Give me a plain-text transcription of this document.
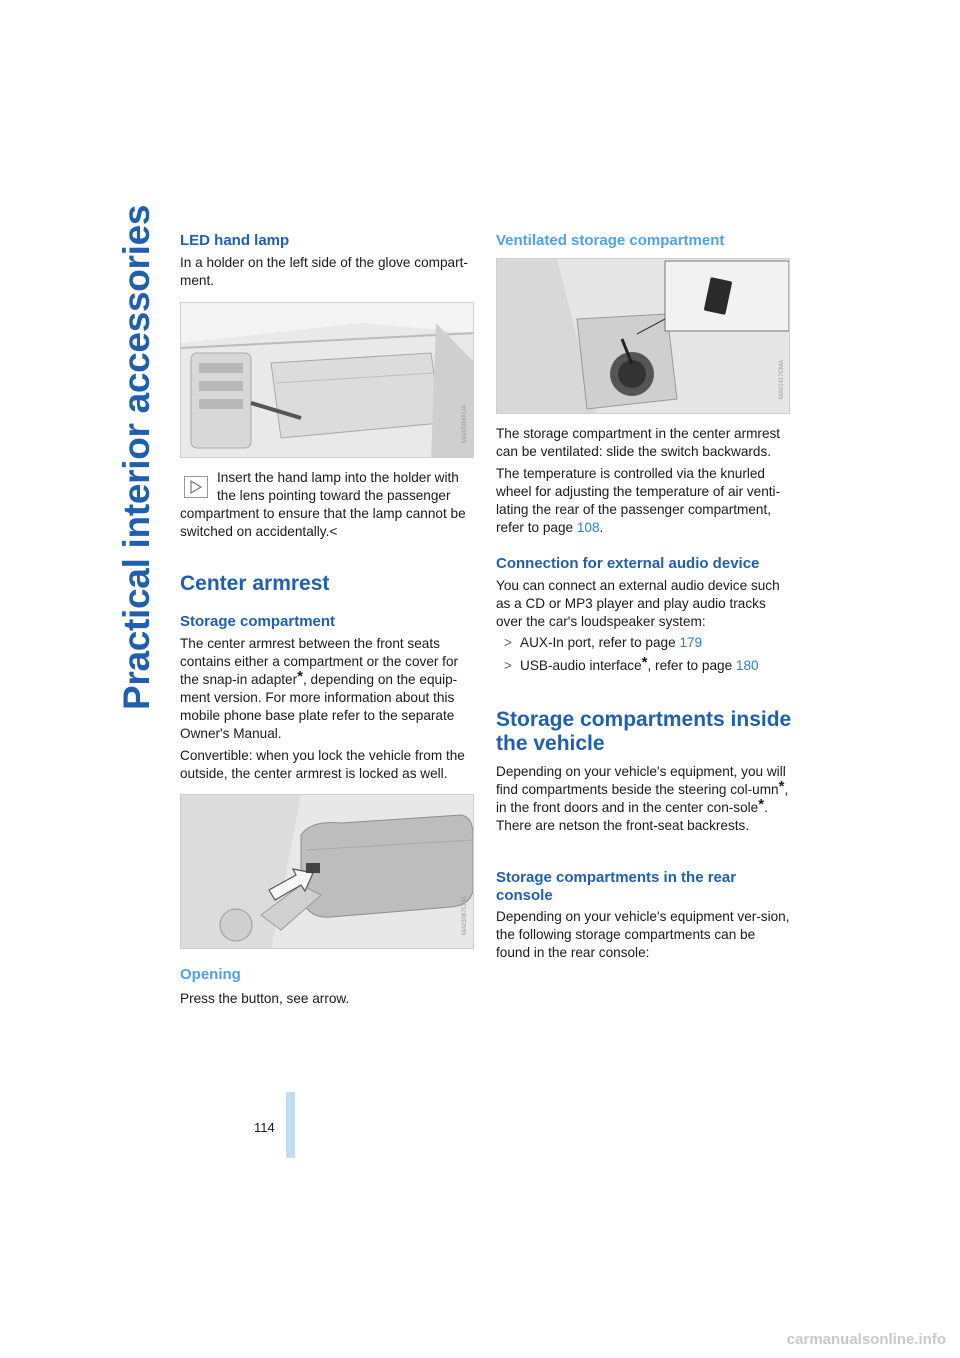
Practical interior accessories LED hand lamp

In a holder on the left side of the glove compart-ment.

MA02034KUA

Insert the hand lamp into the holder with

the lens pointing toward the passenger

compartment to ensure that the lamp cannot be switched on accidentally.<

Center armrest
Storage compartment

The center armrest between the front seats contains either a compartment or the cover for the snap-in adapter*, depending on the equip-ment version. For more information about this mobile phone base plate refer to the separate Owner's Manual.

Convertible: when you lock the vehicle from the outside, the center armrest is locked as well.

MA03087CMA
Opening

Press the button, see arrow.

Ventilated storage compartment
MA01417CMA

The storage compartment in the center armrest can be ventilated: slide the switch backwards.

The temperature is controlled via the knurled wheel for adjusting the temperature of air venti-lating the rear of the passenger compartment, refer to page 108.

Connection for external audio device

You can connect an external audio device such as a CD or MP3 player and play audio tracks over the car's loudspeaker system:

> AUX-In port, refer to page 179
> USB-audio interface*, refer to page 180
Storage compartments inside
the vehicle

Depending on your vehicle's equipment, you will find compartments beside the steering col-umn*, in the front doors and in the center con-sole*.
There are netson the front-seat backrests.

Storage compartments in the rear
console

Depending on your vehicle's equipment ver-sion, the following storage compartments can be found in the rear console:

114
carmanualsonline.info
